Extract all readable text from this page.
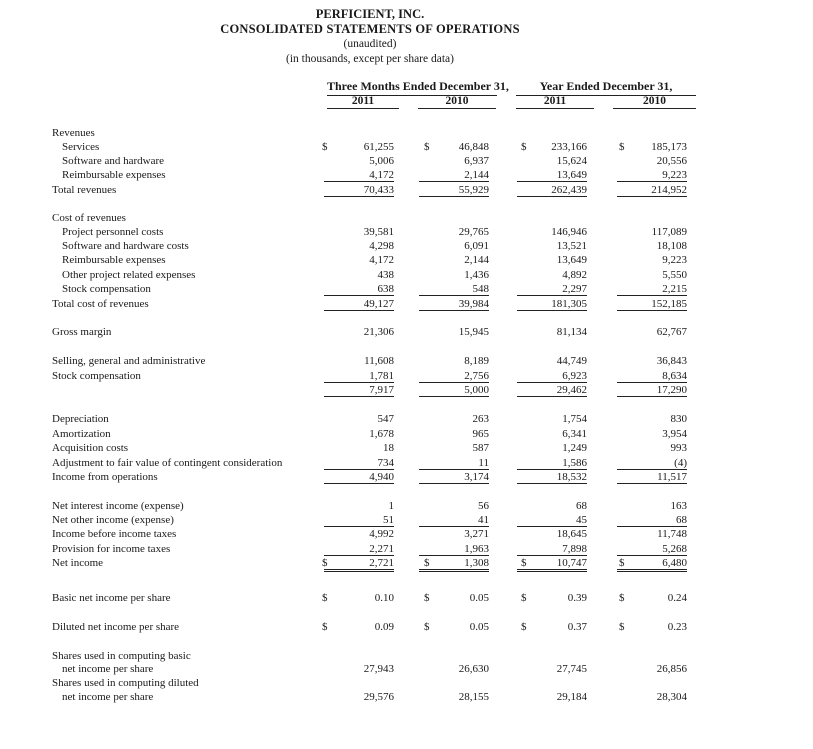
PERFICIENT, INC.
CONSOLIDATED STATEMENTS OF OPERATIONS
(unaudited)
(in thousands, except per share data)
Three Months Ended December 31,	Year Ended December 31,
2011	2010	2011	2010
Revenues
Services	$	61,255	$	46,848	$	233,166	$	185,173
Software and hardware	5,006	6,937	15,624	20,556
Reimbursable expenses	4,172	2,144	13,649	9,223
Total revenues	70,433	55,929	262,439	214,952
Cost of revenues
Project personnel costs	39,581	29,765	146,946	117,089
Software and hardware costs	4,298	6,091	13,521	18,108
Reimbursable expenses	4,172	2,144	13,649	9,223
Other project related expenses	438	1,436	4,892	5,550
Stock compensation	638	548	2,297	2,215
Total cost of revenues	49,127	39,984	181,305	152,185
Gross margin	21,306	15,945	81,134	62,767
Selling, general and administrative	11,608	8,189	44,749	36,843
Stock compensation	1,781	2,756	6,923	8,634
7,917	5,000	29,462	17,290
Depreciation	547	263	1,754	830
Amortization	1,678	965	6,341	3,954
Acquisition costs	18	587	1,249	993
Adjustment to fair value of contingent consideration	734	11	1,586	(4)
Income from operations	4,940	3,174	18,532	11,517
Net interest income (expense)	1	56	68	163
Net other income (expense)	51	41	45	68
Income before income taxes	4,992	3,271	18,645	11,748
Provision for income taxes	2,271	1,963	7,898	5,268
Net income	$	2,721	$	1,308	$	10,747	$	6,480
Basic net income per share	$	0.10	$	0.05	$	0.39	$	0.24
Diluted net income per share	$	0.09	$	0.05	$	0.37	$	0.23
Shares used in computing basic
net income per share	27,943	26,630	27,745	26,856
Shares used in computing diluted
net income per share	29,576	28,155	29,184	28,304
